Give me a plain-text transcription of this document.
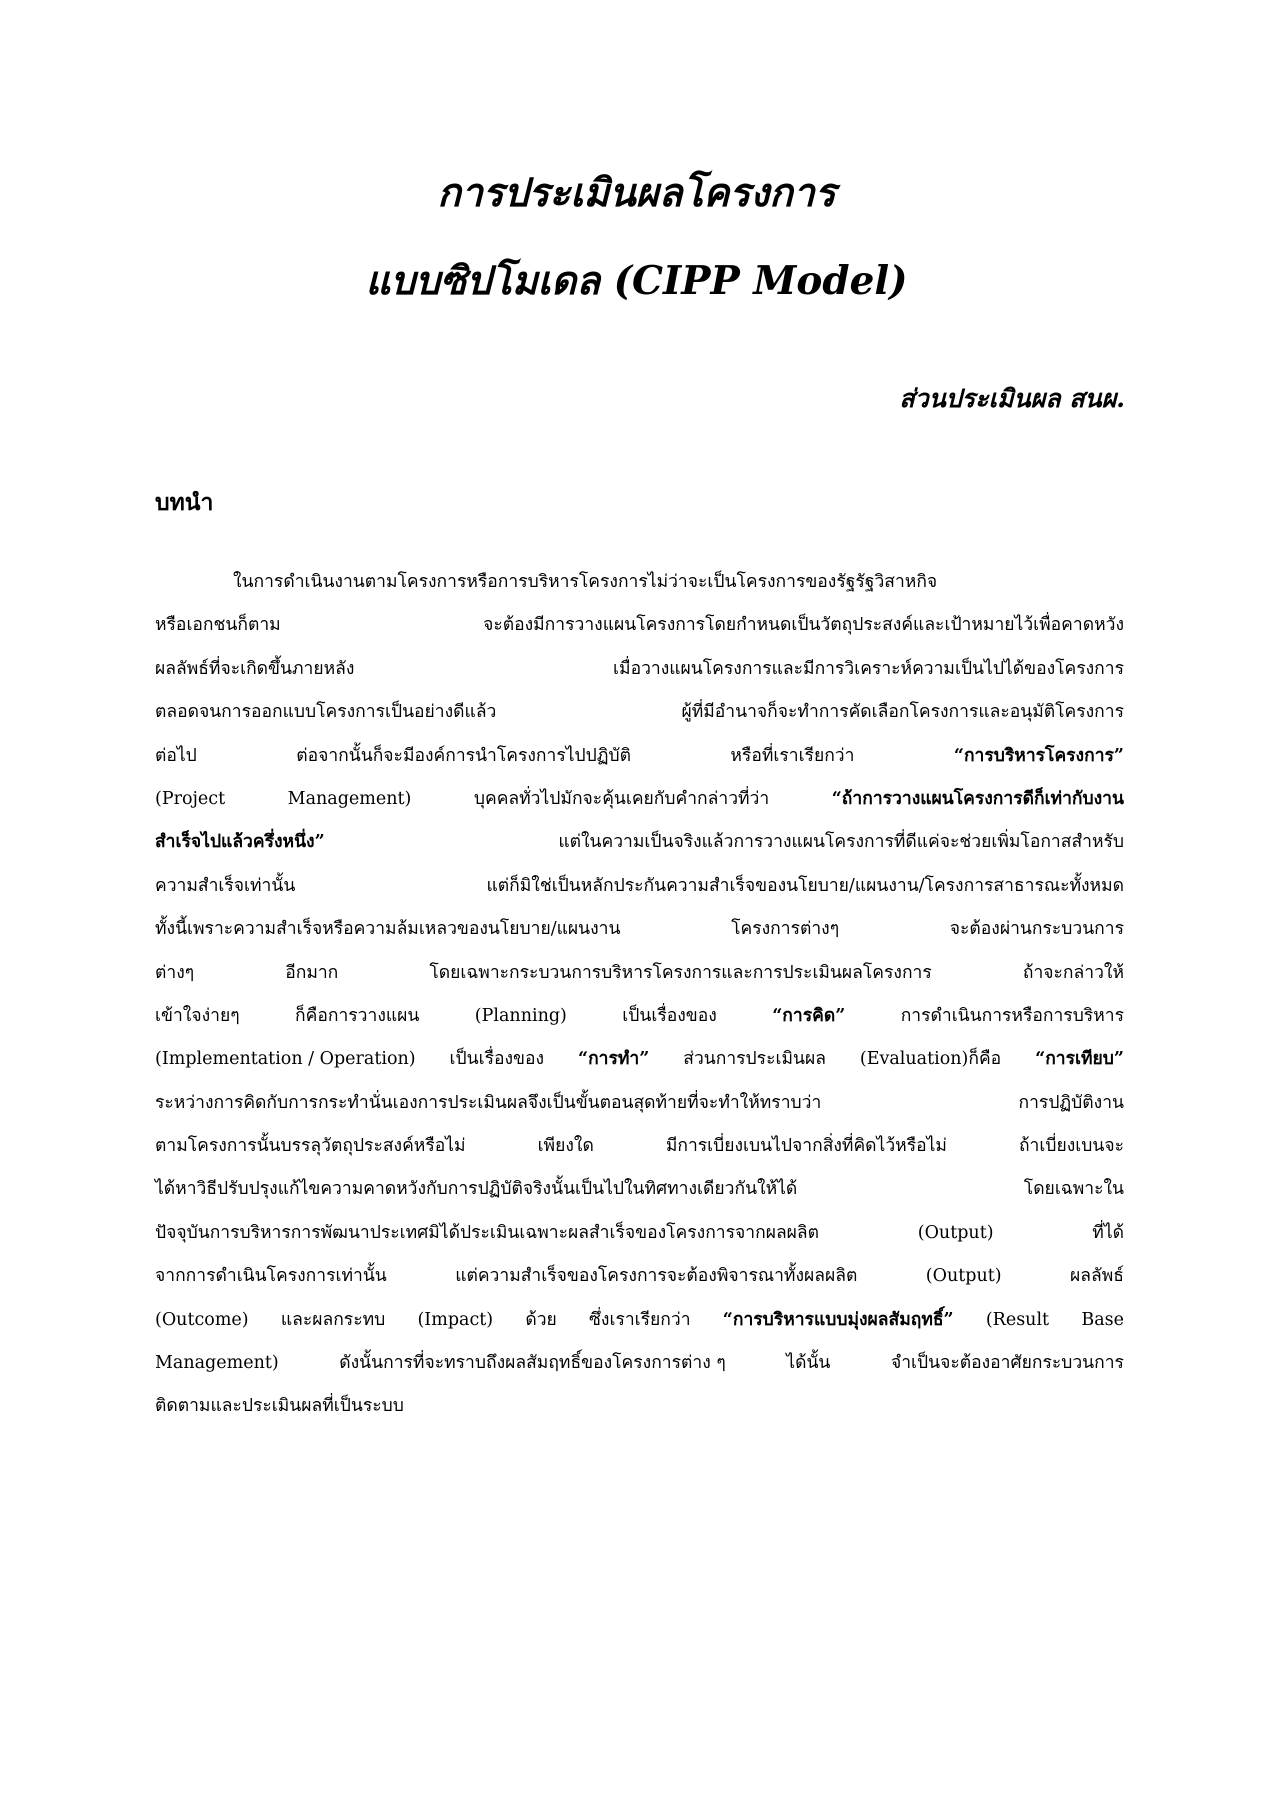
การประเมินผลโครงการ
แบบซิปโมเดล (CIPP Model)
ส่วนประเมินผล สนผ.
บทนำ
ในการดำเนินงานตามโครงการหรือการบริหารโครงการไม่ว่าจะเป็นโครงการของรัฐรัฐวิสาหกิจ
หรือเอกชนก็ตาม	จะต้องมีการวางแผนโครงการโดยกำหนดเป็นวัตถุประสงค์และเป้าหมายไว้เพื่อคาดหวัง
ผลลัพธ์ที่จะเกิดขึ้นภายหลัง	เมื่อวางแผนโครงการและมีการวิเคราะห์ความเป็นไปได้ของโครงการ
ตลอดจนการออกแบบโครงการเป็นอย่างดีแล้ว	ผู้ที่มีอำนาจก็จะทำการคัดเลือกโครงการและอนุมัติโครงการ
ต่อไป	ต่อจากนั้นก็จะมีองค์การนำโครงการไปปฏิบัติ	หรือที่เราเรียกว่า	“การบริหารโครงการ”
(Project	Management)	บุคคลทั่วไปมักจะคุ้นเคยกับคำกล่าวที่ว่า	“ถ้าการวางแผนโครงการดีก็เท่ากับงาน
สำเร็จไปแล้วครึ่งหนึ่ง”	แต่ในความเป็นจริงแล้วการวางแผนโครงการที่ดีแค่จะช่วยเพิ่มโอกาสสำหรับ
ความสำเร็จเท่านั้น	แต่ก็มิใช่เป็นหลักประกันความสำเร็จของนโยบาย/แผนงาน/โครงการสาธารณะทั้งหมด
ทั้งนี้เพราะความสำเร็จหรือความล้มเหลวของนโยบาย/แผนงาน	โครงการต่างๆ	จะต้องผ่านกระบวนการ
ต่างๆ	อีกมาก	โดยเฉพาะกระบวนการบริหารโครงการและการประเมินผลโครงการ	ถ้าจะกล่าวให้
เข้าใจง่ายๆ	ก็คือการวางแผน	(Planning)	เป็นเรื่องของ	“การคิด”	การดำเนินการหรือการบริหาร
(Implementation / Operation) เป็นเรื่องของ “การทำ” ส่วนการประเมินผล (Evaluation)ก็คือ “การเทียบ”
ระหว่างการคิดกับการกระทำนั่นเองการประเมินผลจึงเป็นขั้นตอนสุดท้ายที่จะทำให้ทราบว่า	การปฏิบัติงาน
ตามโครงการนั้นบรรลุวัตถุประสงค์หรือไม่	เพียงใด	มีการเบี่ยงเบนไปจากสิ่งที่คิดไว้หรือไม่	ถ้าเบี่ยงเบนจะ
ได้หาวิธีปรับปรุงแก้ไขความคาดหวังกับการปฏิบัติจริงนั้นเป็นไปในทิศทางเดียวกันให้ได้	โดยเฉพาะใน
ปัจจุบันการบริหารการพัฒนาประเทศมิได้ประเมินเฉพาะผลสำเร็จของโครงการจากผลผลิต	(Output)	ที่ได้
จากการดำเนินโครงการเท่านั้น	แต่ความสำเร็จของโครงการจะต้องพิจารณาทั้งผลผลิต	(Output)	ผลลัพธ์
(Outcome) และผลกระทบ (Impact) ด้วย ซึ่งเราเรียกว่า “การบริหารแบบมุ่งผลสัมฤทธิ์” (Result Base
Management)	ดังนั้นการที่จะทราบถึงผลสัมฤทธิ์ของโครงการต่าง ๆ	ได้นั้น	จำเป็นจะต้องอาศัยกระบวนการ
ติดตามและประเมินผลที่เป็นระบบ
